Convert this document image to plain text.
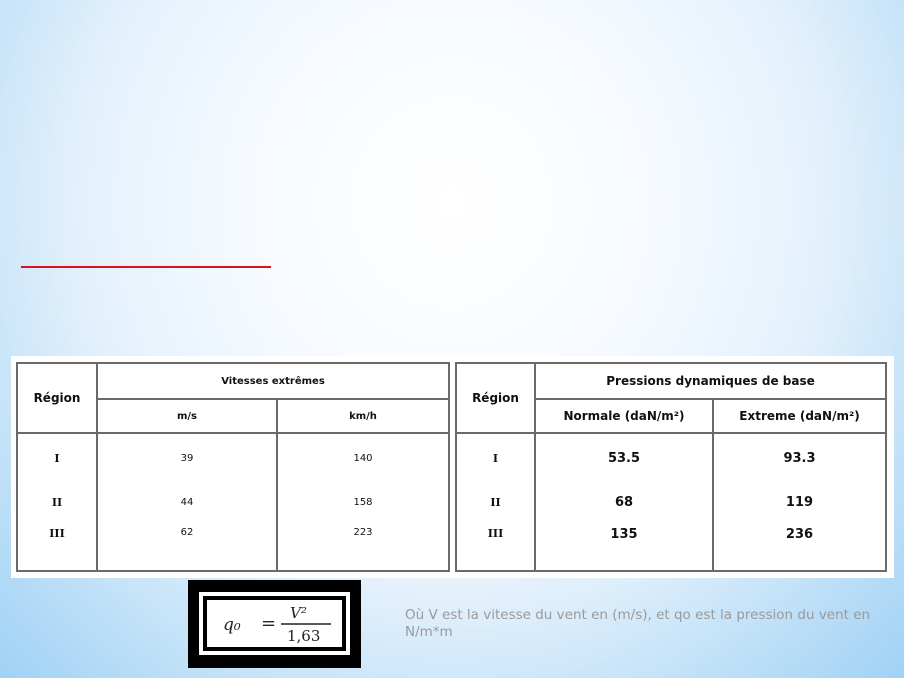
Région	Vitesses extrêmes	
	m/s	km/h
I	39	140
II	44	158
III	62	223
Région	Pressions dynamiques de base	
	Normale (daN/m²)	Extreme (daN/m²)
I	53.5	93.3
II	68	119
III	135	236
q₀ = V²
1,63
Où V est la vitesse du vent en (m/s), et qo est la pression du vent en N/m*m
